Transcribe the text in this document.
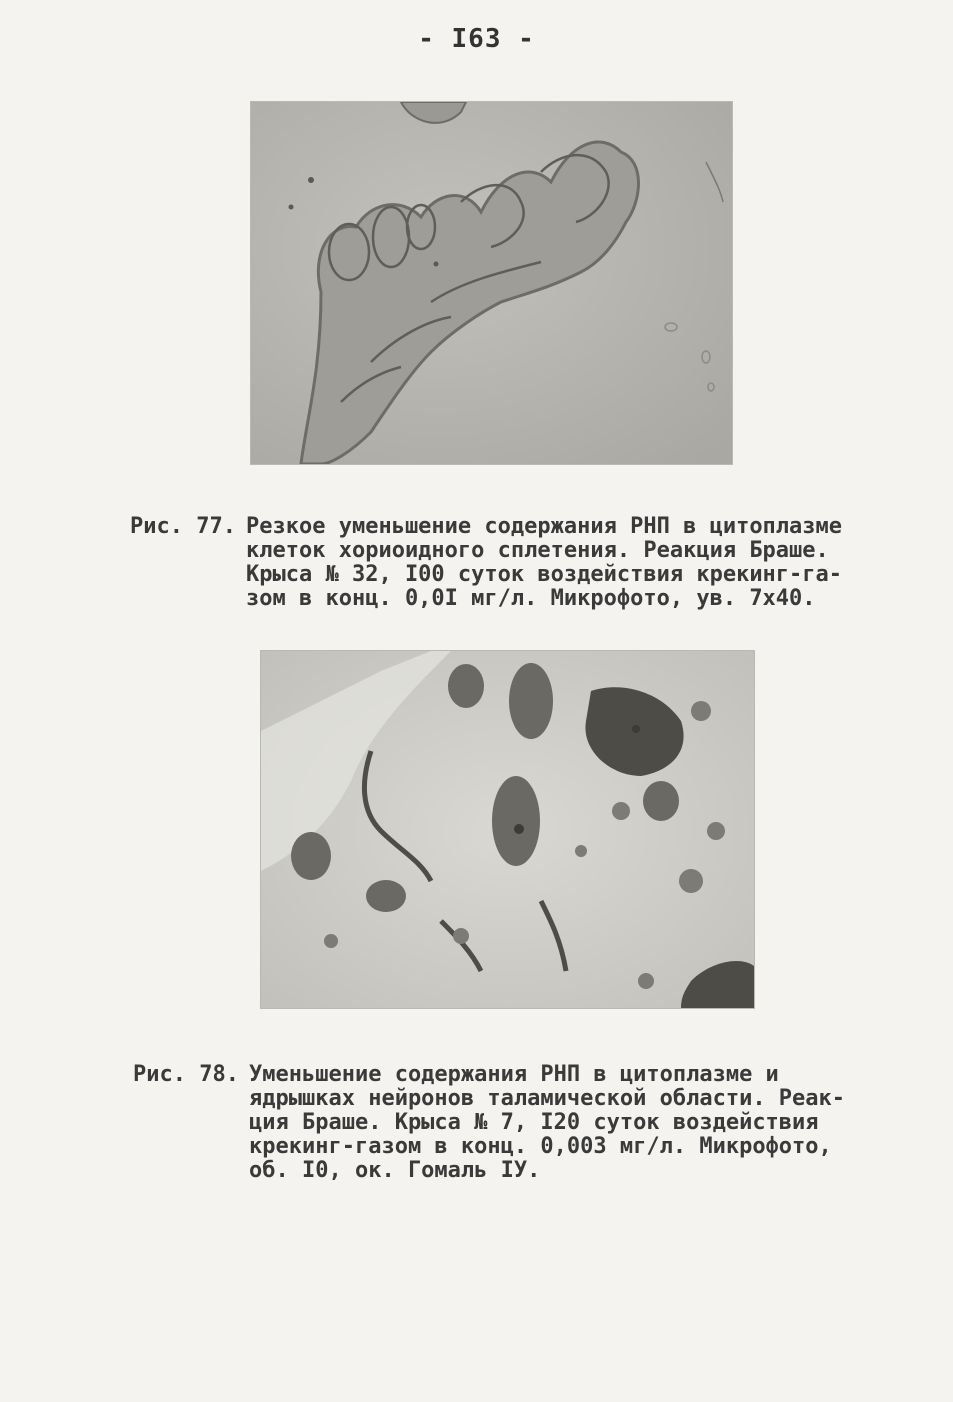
- I63 -
Рис. 77. Резкое уменьшение содержания РНП в цитоплазме
клеток хориоидного сплетения. Реакция Браше.
Крыса № 32, I00 суток воздействия крекинг-га-
зом в конц. 0,0I мг/л. Микрофото, ув. 7х40.
Рис. 78. Уменьшение содержания РНП в цитоплазме и
ядрышках нейронов таламической области. Реак-
ция Браше. Крыса № 7, I20 суток воздействия
крекинг-газом в конц. 0,003 мг/л. Микрофото,
об. I0, ок. Гомаль IУ.
